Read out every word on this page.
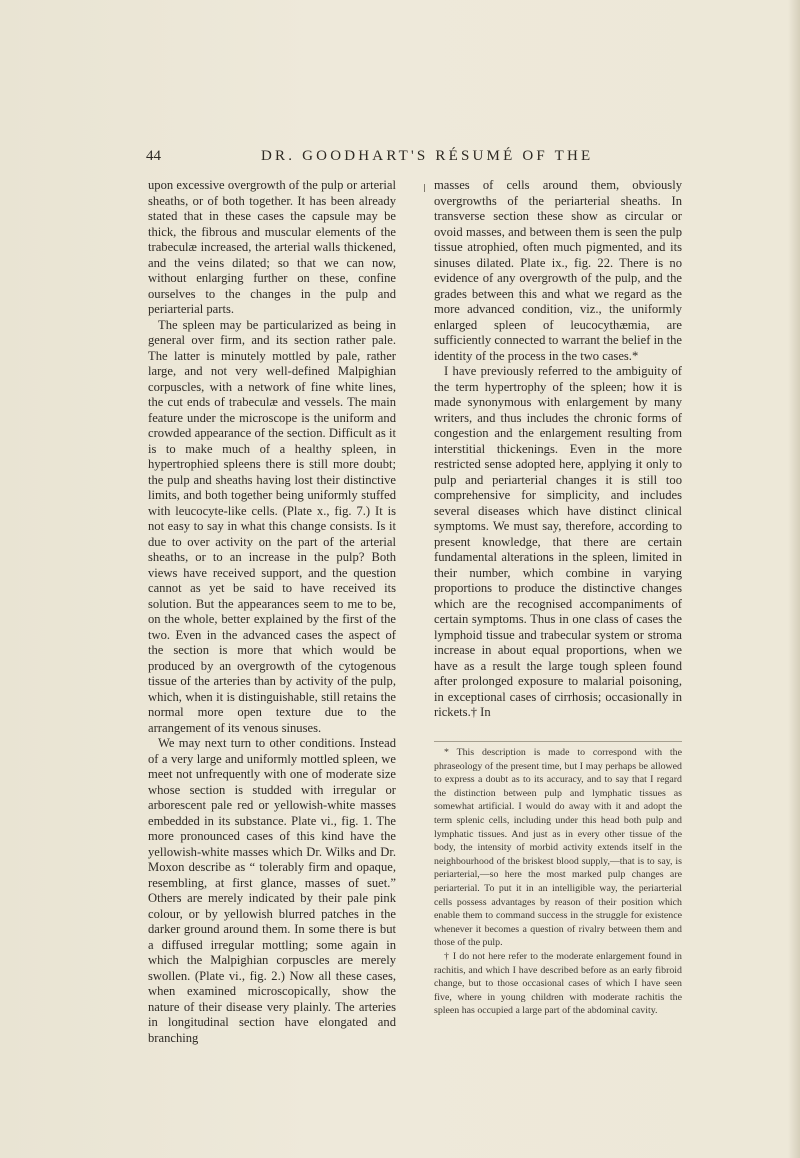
44	DR. GOODHART'S RÉSUMÉ OF THE

upon excessive overgrowth of the pulp or arterial sheaths, or of both together. It has been already stated that in these cases the capsule may be thick, the fibrous and muscular elements of the trabeculæ increased, the arterial walls thickened, and the veins dilated; so that we can now, without enlarging further on these, confine ourselves to the changes in the pulp and periarterial parts.

The spleen may be particularized as being in general over firm, and its section rather pale. The latter is minutely mottled by pale, rather large, and not very well-defined Malpighian corpuscles, with a network of fine white lines, the cut ends of trabeculæ and vessels. The main feature under the microscope is the uniform and crowded appearance of the section. Difficult as it is to make much of a healthy spleen, in hypertrophied spleens there is still more doubt; the pulp and sheaths having lost their distinctive limits, and both together being uniformly stuffed with leucocyte-like cells. (Plate x., fig. 7.) It is not easy to say in what this change consists. Is it due to over activity on the part of the arterial sheaths, or to an increase in the pulp? Both views have received support, and the question cannot as yet be said to have received its solution. But the appearances seem to me to be, on the whole, better explained by the first of the two. Even in the advanced cases the aspect of the section is more that which would be produced by an overgrowth of the cytogenous tissue of the arteries than by activity of the pulp, which, when it is distinguishable, still retains the normal more open texture due to the arrangement of its venous sinuses.

We may next turn to other conditions. Instead of a very large and uniformly mottled spleen, we meet not unfrequently with one of moderate size whose section is studded with irregular or arborescent pale red or yellowish-white masses embedded in its substance. Plate vi., fig. 1. The more pronounced cases of this kind have the yellowish-white masses which Dr. Wilks and Dr. Moxon describe as “ tolerably firm and opaque, resembling, at first glance, masses of suet.” Others are merely indicated by their pale pink colour, or by yellowish blurred patches in the darker ground around them. In some there is but a diffused irregular mottling; some again in which the Malpighian corpuscles are merely swollen. (Plate vi., fig. 2.) Now all these cases, when examined microscopically, show the nature of their disease very plainly. The arteries in longitudinal section have elongated and branching

masses of cells around them, obviously overgrowths of the periarterial sheaths. In transverse section these show as circular or ovoid masses, and between them is seen the pulp tissue atrophied, often much pigmented, and its sinuses dilated. Plate ix., fig. 22. There is no evidence of any overgrowth of the pulp, and the grades between this and what we regard as the more advanced condition, viz., the uniformly enlarged spleen of leucocythæmia, are sufficiently connected to warrant the belief in the identity of the process in the two cases.*

I have previously referred to the ambiguity of the term hypertrophy of the spleen; how it is made synonymous with enlargement by many writers, and thus includes the chronic forms of congestion and the enlargement resulting from interstitial thickenings. Even in the more restricted sense adopted here, applying it only to pulp and periarterial changes it is still too comprehensive for simplicity, and includes several diseases which have distinct clinical symptoms. We must say, therefore, according to present knowledge, that there are certain fundamental alterations in the spleen, limited in their number, which combine in varying proportions to produce the distinctive changes which are the recognised accompaniments of certain symptoms. Thus in one class of cases the lymphoid tissue and trabecular system or stroma increase in about equal proportions, when we have as a result the large tough spleen found after prolonged exposure to malarial poisoning, in exceptional cases of cirrhosis; occasionally in rickets.† In

* This description is made to correspond with the phraseology of the present time, but I may perhaps be allowed to express a doubt as to its accuracy, and to say that I regard the distinction between pulp and lymphatic tissues as somewhat artificial. I would do away with it and adopt the term splenic cells, including under this head both pulp and lymphatic tissues. And just as in every other tissue of the body, the intensity of morbid activity extends itself in the neighbourhood of the briskest blood supply,—that is to say, is periarterial,—so here the most marked pulp changes are periarterial. To put it in an intelligible way, the periarterial cells possess advantages by reason of their position which enable them to command success in the struggle for existence whenever it becomes a question of rivalry between them and those of the pulp.

† I do not here refer to the moderate enlargement found in rachitis, and which I have described before as an early fibroid change, but to those occasional cases of which I have seen five, where in young children with moderate rachitis the spleen has occupied a large part of the abdominal cavity.
